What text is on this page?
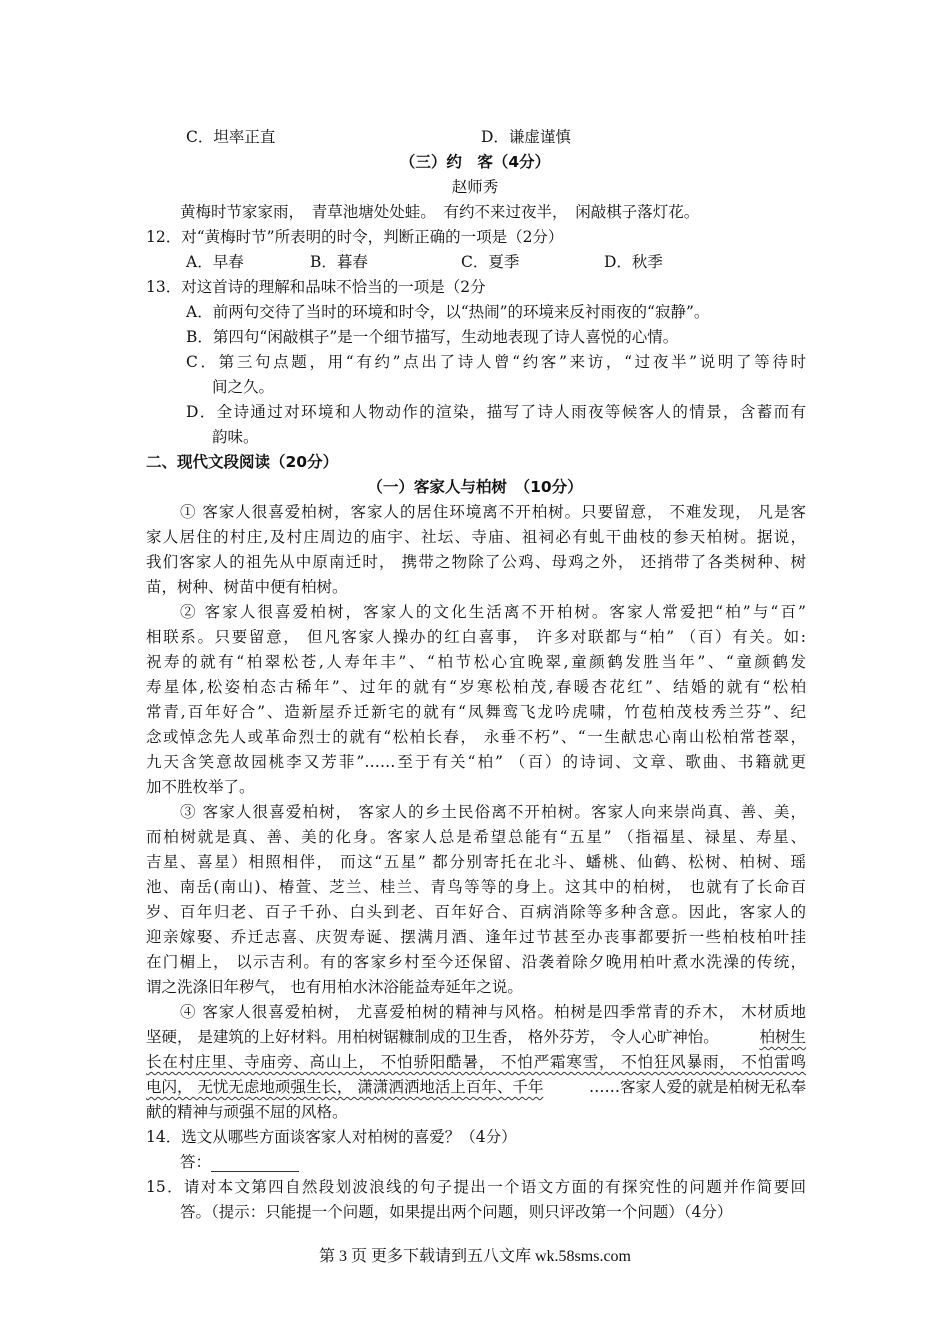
C．坦率正直	D．谦虚谨慎
（三）约　客（4分）
赵师秀
黄梅时节家家雨，　青草池塘处处蛙。　有约不来过夜半，　闲敲棋子落灯花。
12．对“黄梅时节”所表明的时令，判断正确的一项是（2分）
A．早春	B．暮春	C．夏季	D．秋季
13．对这首诗的理解和品味不恰当的一项是（2分
A．前两句交待了当时的环境和时令，以“热闹”的环境来反衬雨夜的“寂静”。
B．第四句“闲敲棋子”是一个细节描写，生动地表现了诗人喜悦的心情。
C．第三句点题，用“有约”点出了诗人曾“约客”来访，“过夜半”说明了等待时
间之久。
D．全诗通过对环境和人物动作的渲染，描写了诗人雨夜等候客人的情景，含蓄而有
韵味。
二、现代文段阅读（20分）
（一）客家人与柏树　（10分）
① 客家人很喜爱柏树，客家人的居住环境离不开柏树。只要留意， 不难发现， 凡是客
家人居住的村庄,及村庄周边的庙宇、社坛、寺庙、祖祠必有虬干曲枝的参天柏树。据说，
我们客家人的祖先从中原南迁时， 携带之物除了公鸡、母鸡之外， 还捎带了各类树种、树
苗，树种、树苗中便有柏树。
② 客家人很喜爱柏树，客家人的文化生活离不开柏树。客家人常爱把“柏”与“百”
相联系。只要留意， 但凡客家人操办的红白喜事， 许多对联都与“柏” （百）有关。如:
祝寿的就有“柏翠松苍,人寿年丰”、“柏节松心宜晚翠,童颜鹤发胜当年”、“童颜鹤发
寿星体,松姿柏态古稀年”、过年的就有“岁寒松柏茂,春暖杏花红”、结婚的就有“松柏
常青,百年好合”、造新屋乔迁新宅的就有“凤舞鸾飞龙吟虎啸，竹苞柏茂枝秀兰芬”、纪
念或悼念先人或革命烈士的就有“松柏长春， 永垂不朽”、“一生献忠心南山松柏常苍翠，
九天含笑意故园桃李又芳菲”……至于有关“柏” （百）的诗词、文章、歌曲、书籍就更
加不胜枚举了。
③ 客家人很喜爱柏树， 客家人的乡土民俗离不开柏树。客家人向来崇尚真、善、美，
而柏树就是真、善、美的化身。客家人总是希望总能有“五星” （指福星、禄星、寿星、
吉星、喜星）相照相伴， 而这“五星” 都分别寄托在北斗、蟠桃、仙鹤、松树、柏树、瑶
池、南岳(南山)、椿萱、芝兰、桂兰、青鸟等等的身上。这其中的柏树， 也就有了长命百
岁、百年归老、百子千孙、白头到老、百年好合、百病消除等多种含意。因此，客家人的
迎亲嫁娶、乔迁志喜、庆贺寿诞、摆满月酒、逢年过节甚至办丧事都要折一些柏枝柏叶挂
在门楣上， 以示吉利。有的客家乡村至今还保留、沿袭着除夕晚用柏叶煮水洗澡的传统，
谓之洗涤旧年秽气， 也有用柏水沐浴能益寿延年之说。
④ 客家人很喜爱柏树， 尤喜爱柏树的精神与风格。柏树是四季常青的乔木， 木材质地
坚硬， 是建筑的上好材料。用柏树锯糠制成的卫生香， 格外芬芳， 令人心旷神怡。	柏树生
长在村庄里、寺庙旁、高山上， 不怕骄阳酷暑， 不怕严霜寒雪， 不怕狂风暴雨， 不怕雷鸣
电闪， 无忧无虑地顽强生长， 潇潇洒洒地活上百年、千年	……客家人爱的就是柏树无私奉
献的精神与顽强不屈的风格。
14．选文从哪些方面谈客家人对柏树的喜爱？（4分）
答：
15．请对本文第四自然段划波浪线的句子提出一个语文方面的有探究性的问题并作简要回
答。（提示：只能提一个问题，如果提出两个问题，则只评改第一个问题）（4分）
第 3 页 更多下载请到五八文库 wk.58sms.com
